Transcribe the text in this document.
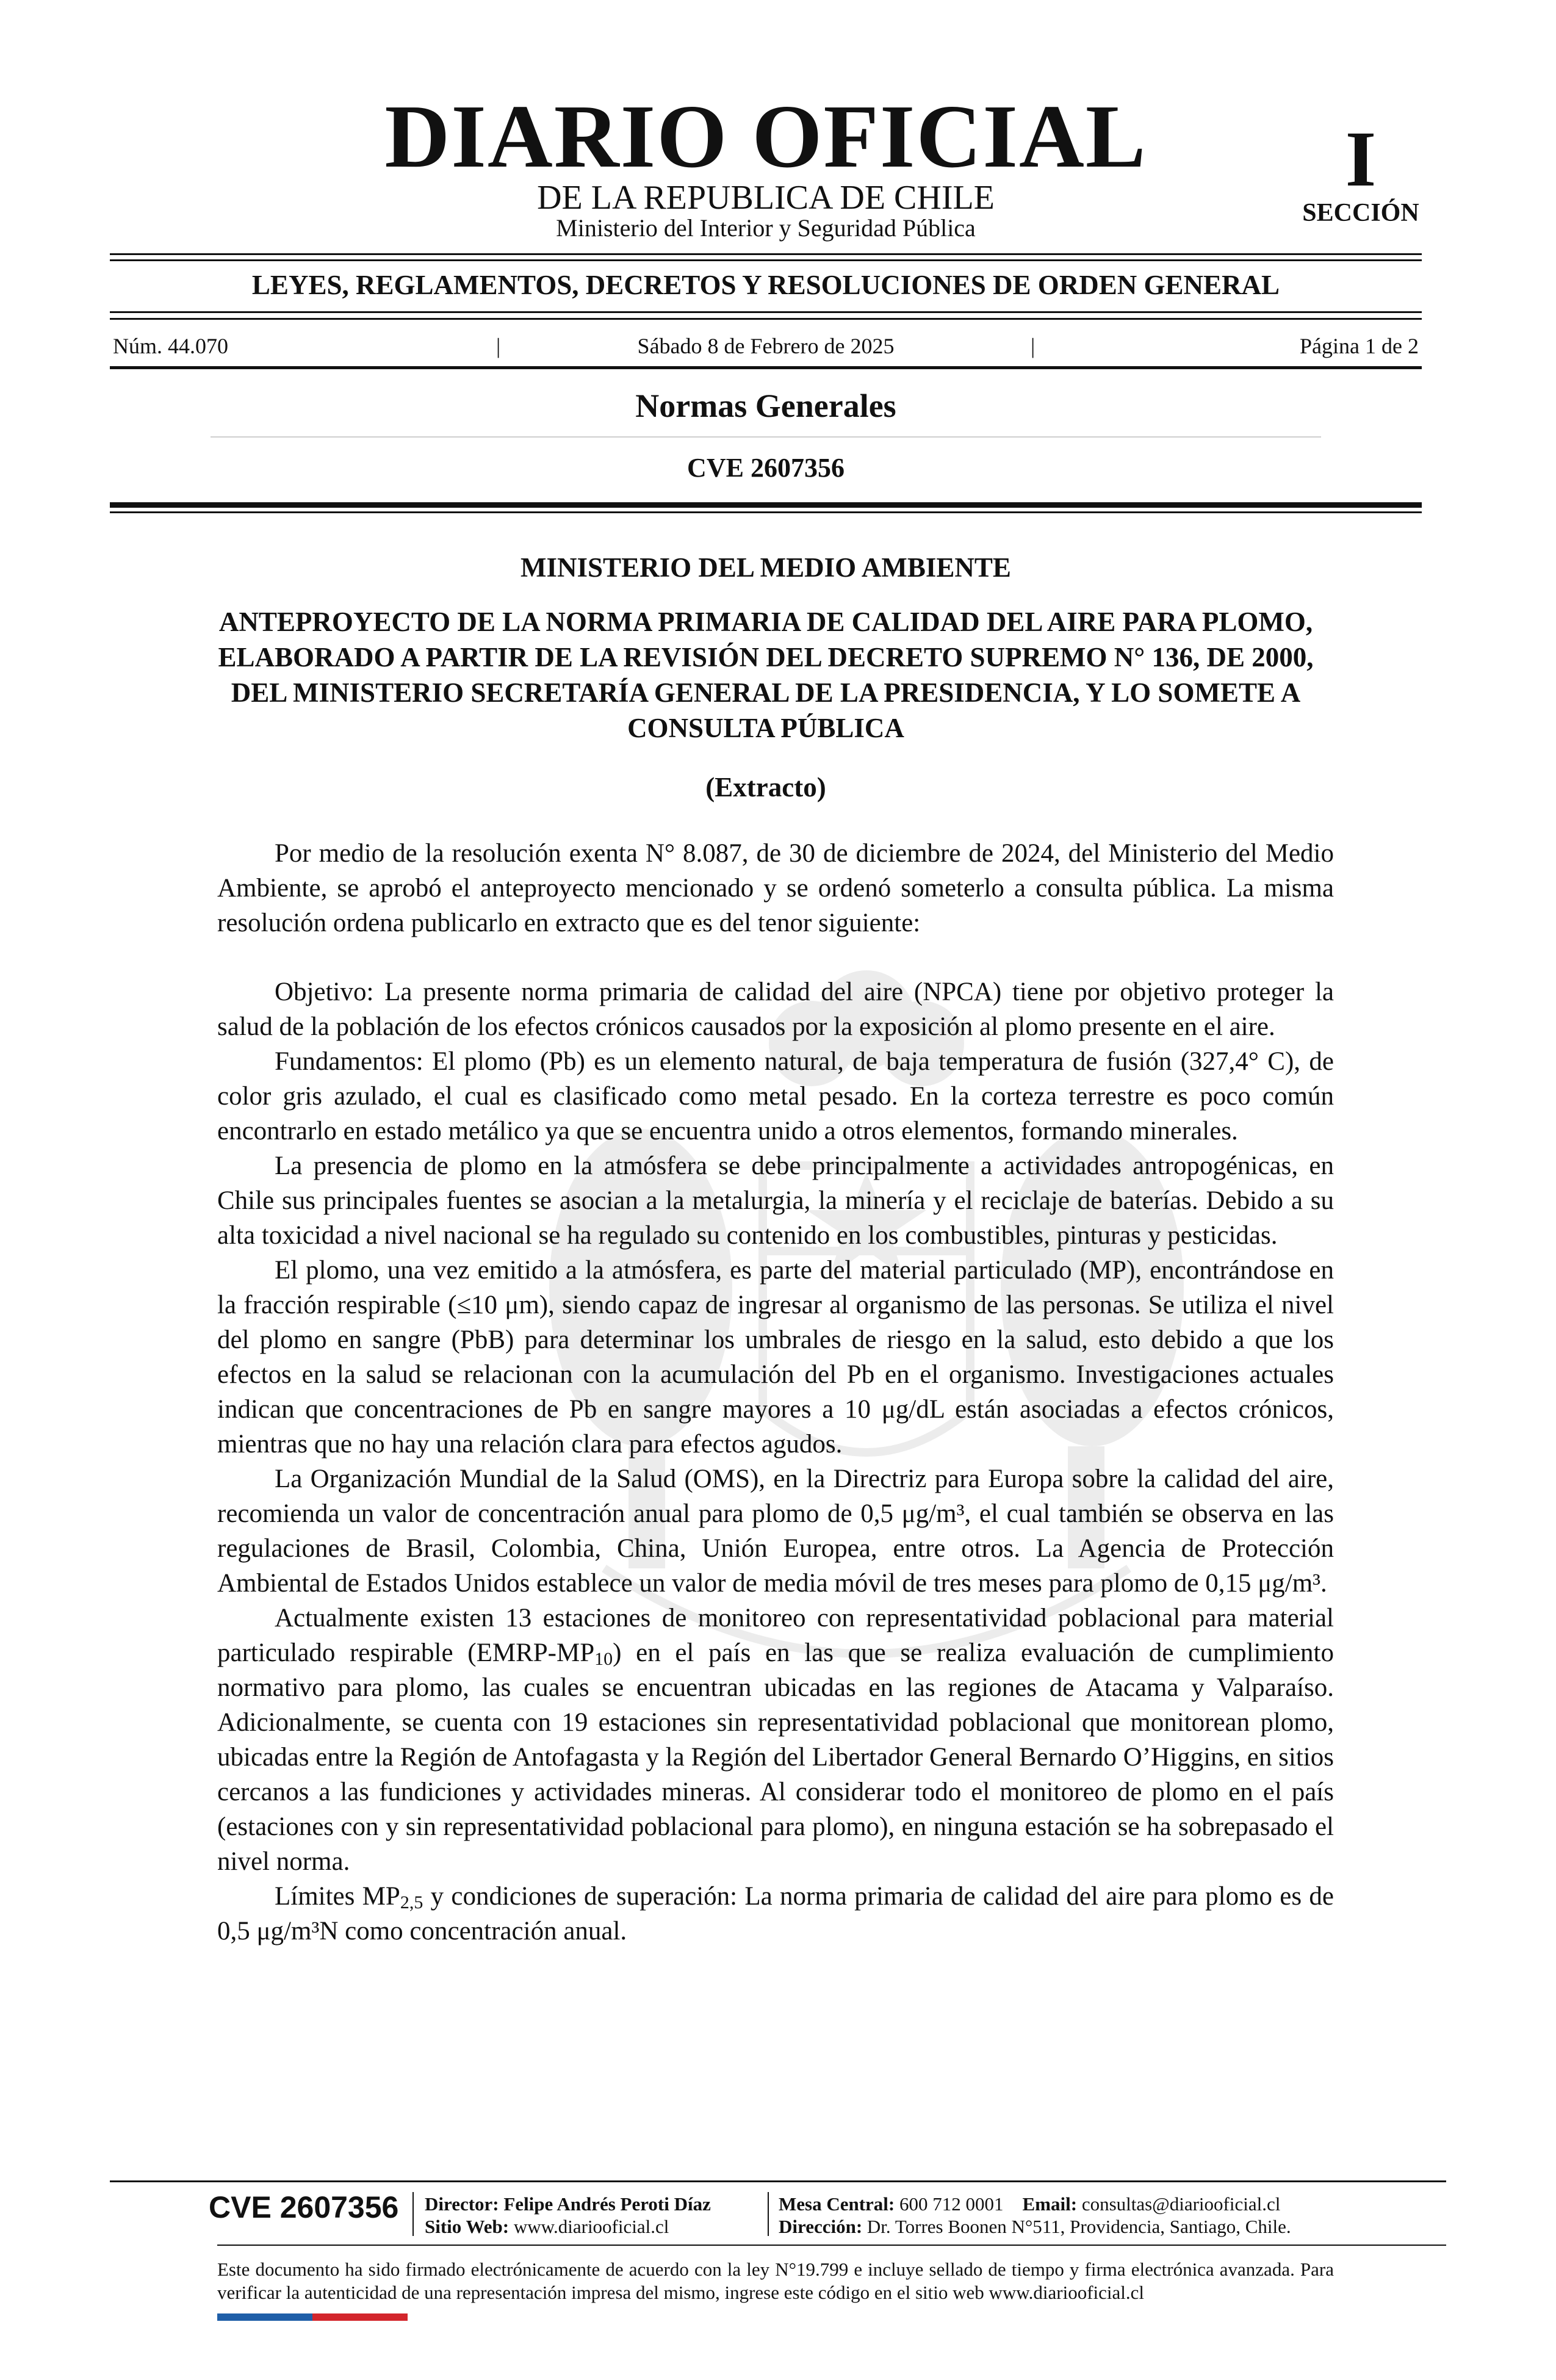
DIARIO OFICIAL
DE LA REPUBLICA DE CHILE
Ministerio del Interior y Seguridad Pública
I
SECCIÓN
LEYES, REGLAMENTOS, DECRETOS Y RESOLUCIONES DE ORDEN GENERAL
Núm. 44.070	|	Sábado 8 de Febrero de 2025	|	Página 1 de 2
Normas Generales
CVE 2607356
MINISTERIO DEL MEDIO AMBIENTE
ANTEPROYECTO DE LA NORMA PRIMARIA DE CALIDAD DEL AIRE PARA PLOMO, ELABORADO A PARTIR DE LA REVISIÓN DEL DECRETO SUPREMO N° 136, DE 2000, DEL MINISTERIO SECRETARÍA GENERAL DE LA PRESIDENCIA, Y LO SOMETE A CONSULTA PÚBLICA
(Extracto)

Por medio de la resolución exenta N° 8.087, de 30 de diciembre de 2024, del Ministerio del Medio Ambiente, se aprobó el anteproyecto mencionado y se ordenó someterlo a consulta pública. La misma resolución ordena publicarlo en extracto que es del tenor siguiente:

Objetivo: La presente norma primaria de calidad del aire (NPCA) tiene por objetivo proteger la salud de la población de los efectos crónicos causados por la exposición al plomo presente en el aire.

Fundamentos: El plomo (Pb) es un elemento natural, de baja temperatura de fusión (327,4° C), de color gris azulado, el cual es clasificado como metal pesado. En la corteza terrestre es poco común encontrarlo en estado metálico ya que se encuentra unido a otros elementos, formando minerales.

La presencia de plomo en la atmósfera se debe principalmente a actividades antropogénicas, en Chile sus principales fuentes se asocian a la metalurgia, la minería y el reciclaje de baterías. Debido a su alta toxicidad a nivel nacional se ha regulado su contenido en los combustibles, pinturas y pesticidas.

El plomo, una vez emitido a la atmósfera, es parte del material particulado (MP), encontrándose en la fracción respirable (≤10 μm), siendo capaz de ingresar al organismo de las personas. Se utiliza el nivel del plomo en sangre (PbB) para determinar los umbrales de riesgo en la salud, esto debido a que los efectos en la salud se relacionan con la acumulación del Pb en el organismo. Investigaciones actuales indican que concentraciones de Pb en sangre mayores a 10 μg/dL están asociadas a efectos crónicos, mientras que no hay una relación clara para efectos agudos.

La Organización Mundial de la Salud (OMS), en la Directriz para Europa sobre la calidad del aire, recomienda un valor de concentración anual para plomo de 0,5 μg/m³, el cual también se observa en las regulaciones de Brasil, Colombia, China, Unión Europea, entre otros. La Agencia de Protección Ambiental de Estados Unidos establece un valor de media móvil de tres meses para plomo de 0,15 μg/m³.

Actualmente existen 13 estaciones de monitoreo con representatividad poblacional para material particulado respirable $(EMRP-MP_{10})$ en el país en las que se realiza evaluación de cumplimiento normativo para plomo, las cuales se encuentran ubicadas en las regiones de Atacama y Valparaíso. Adicionalmente, se cuenta con 19 estaciones sin representatividad poblacional que monitorean plomo, ubicadas entre la Región de Antofagasta y la Región del Libertador General Bernardo O’Higgins, en sitios cercanos a las fundiciones y actividades mineras. Al considerar todo el monitoreo de plomo en el país (estaciones con y sin representatividad poblacional para plomo), en ninguna estación se ha sobrepasado el nivel norma.

Límites $MP_{2,5}$ y condiciones de superación: La norma primaria de calidad del aire para plomo es de 0,5 μg/m³N como concentración anual.

CVE 2607356 Director: Felipe Andrés Peroti Díaz
Sitio Web: www.diariooficial.cl
Mesa Central: 600 712 0001 Email: consultas@diariooficial.cl
Dirección: Dr. Torres Boonen N°511, Providencia, Santiago, Chile.
Este documento ha sido firmado electrónicamente de acuerdo con la ley N°19.799 e incluye sellado de tiempo y firma electrónica avanzada. Para verificar la autenticidad de una representación impresa del mismo, ingrese este código en el sitio web www.diariooficial.cl
